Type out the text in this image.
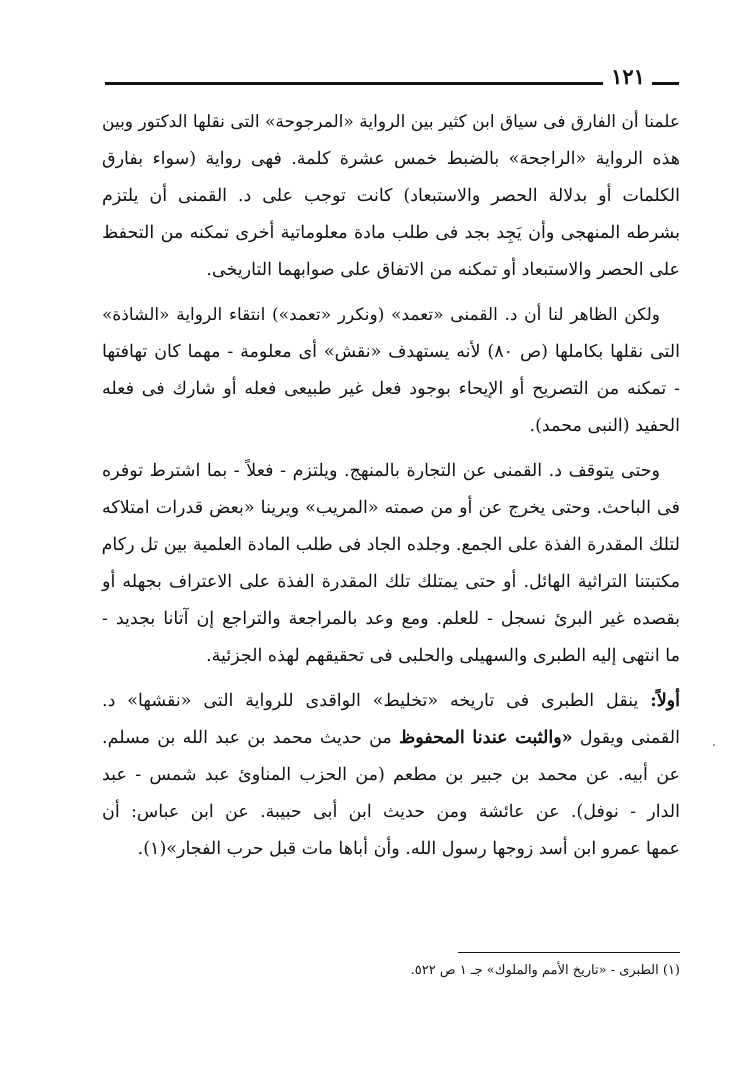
١٢١
علمنا أن الفارق فى سياق ابن كثير بين الرواية «المرجوحة» التى نقلها الدكتور وبين
هذه الرواية «الراجحة» بالضبط خمس عشرة كلمة. فهى رواية (سواء بفارق
الكلمات أو بدلالة الحصر والاستبعاد) كانت توجب على د. القمنى أن يلتزم
بشرطه المنهجى وأن يَجِد بجد فى طلب مادة معلوماتية أخرى تمكنه من التحفظ
على الحصر والاستبعاد أو تمكنه من الاتفاق على صوابهما التاريخى.
ولكن الظاهر لنا أن د. القمنى «تعمد» (ونكرر «تعمد») انتقاء الرواية «الشاذة»
التى نقلها بكاملها (ص ٨٠) لأنه يستهدف «نقش» أى معلومة - مهما كان تهافتها
- تمكنه من التصريح أو الإيحاء بوجود فعل غير طبيعى فعله أو شارك فى فعله
الحفيد (النبى محمد).
وحتى يتوقف د. القمنى عن التجارة بالمنهج. ويلتزم - فعلاً - بما اشترط توفره
فى الباحث. وحتى يخرج عن أو من صمته «المريب» ويرينا «بعض قدرات امتلاكه
لتلك المقدرة الفذة على الجمع. وجلده الجاد فى طلب المادة العلمية بين تل ركام
مكتبتنا التراثية الهائل. أو حتى يمتلك تلك المقدرة الفذة على الاعتراف بجهله أو
بقصده غير البرئ نسجل - للعلم. ومع وعد بالمراجعة والتراجع إن آتانا بجديد -
ما انتهى إليه الطبرى والسهيلى والحلبى فى تحقيقهم لهذه الجزئية.
أولاً: ينقل الطبرى فى تاريخه «تخليط» الواقدى للرواية التى «نقشها» د.
القمنى ويقول «والثبت عندنا المحفوظ من حديث محمد بن عبد الله بن مسلم.
عن أبيه. عن محمد بن جبير بن مطعم (من الحزب المناوئ عبد شمس - عبد
الدار - نوفل). عن عائشة ومن حديث ابن أبى حبيبة. عن ابن عباس: أن
عمها عمرو ابن أسد زوجها رسول الله. وأن أباها مات قبل حرب الفجار»(١).
(١) الطبرى - «تاريخ الأمم والملوك» جـ ١ ص ٥٢٢.
